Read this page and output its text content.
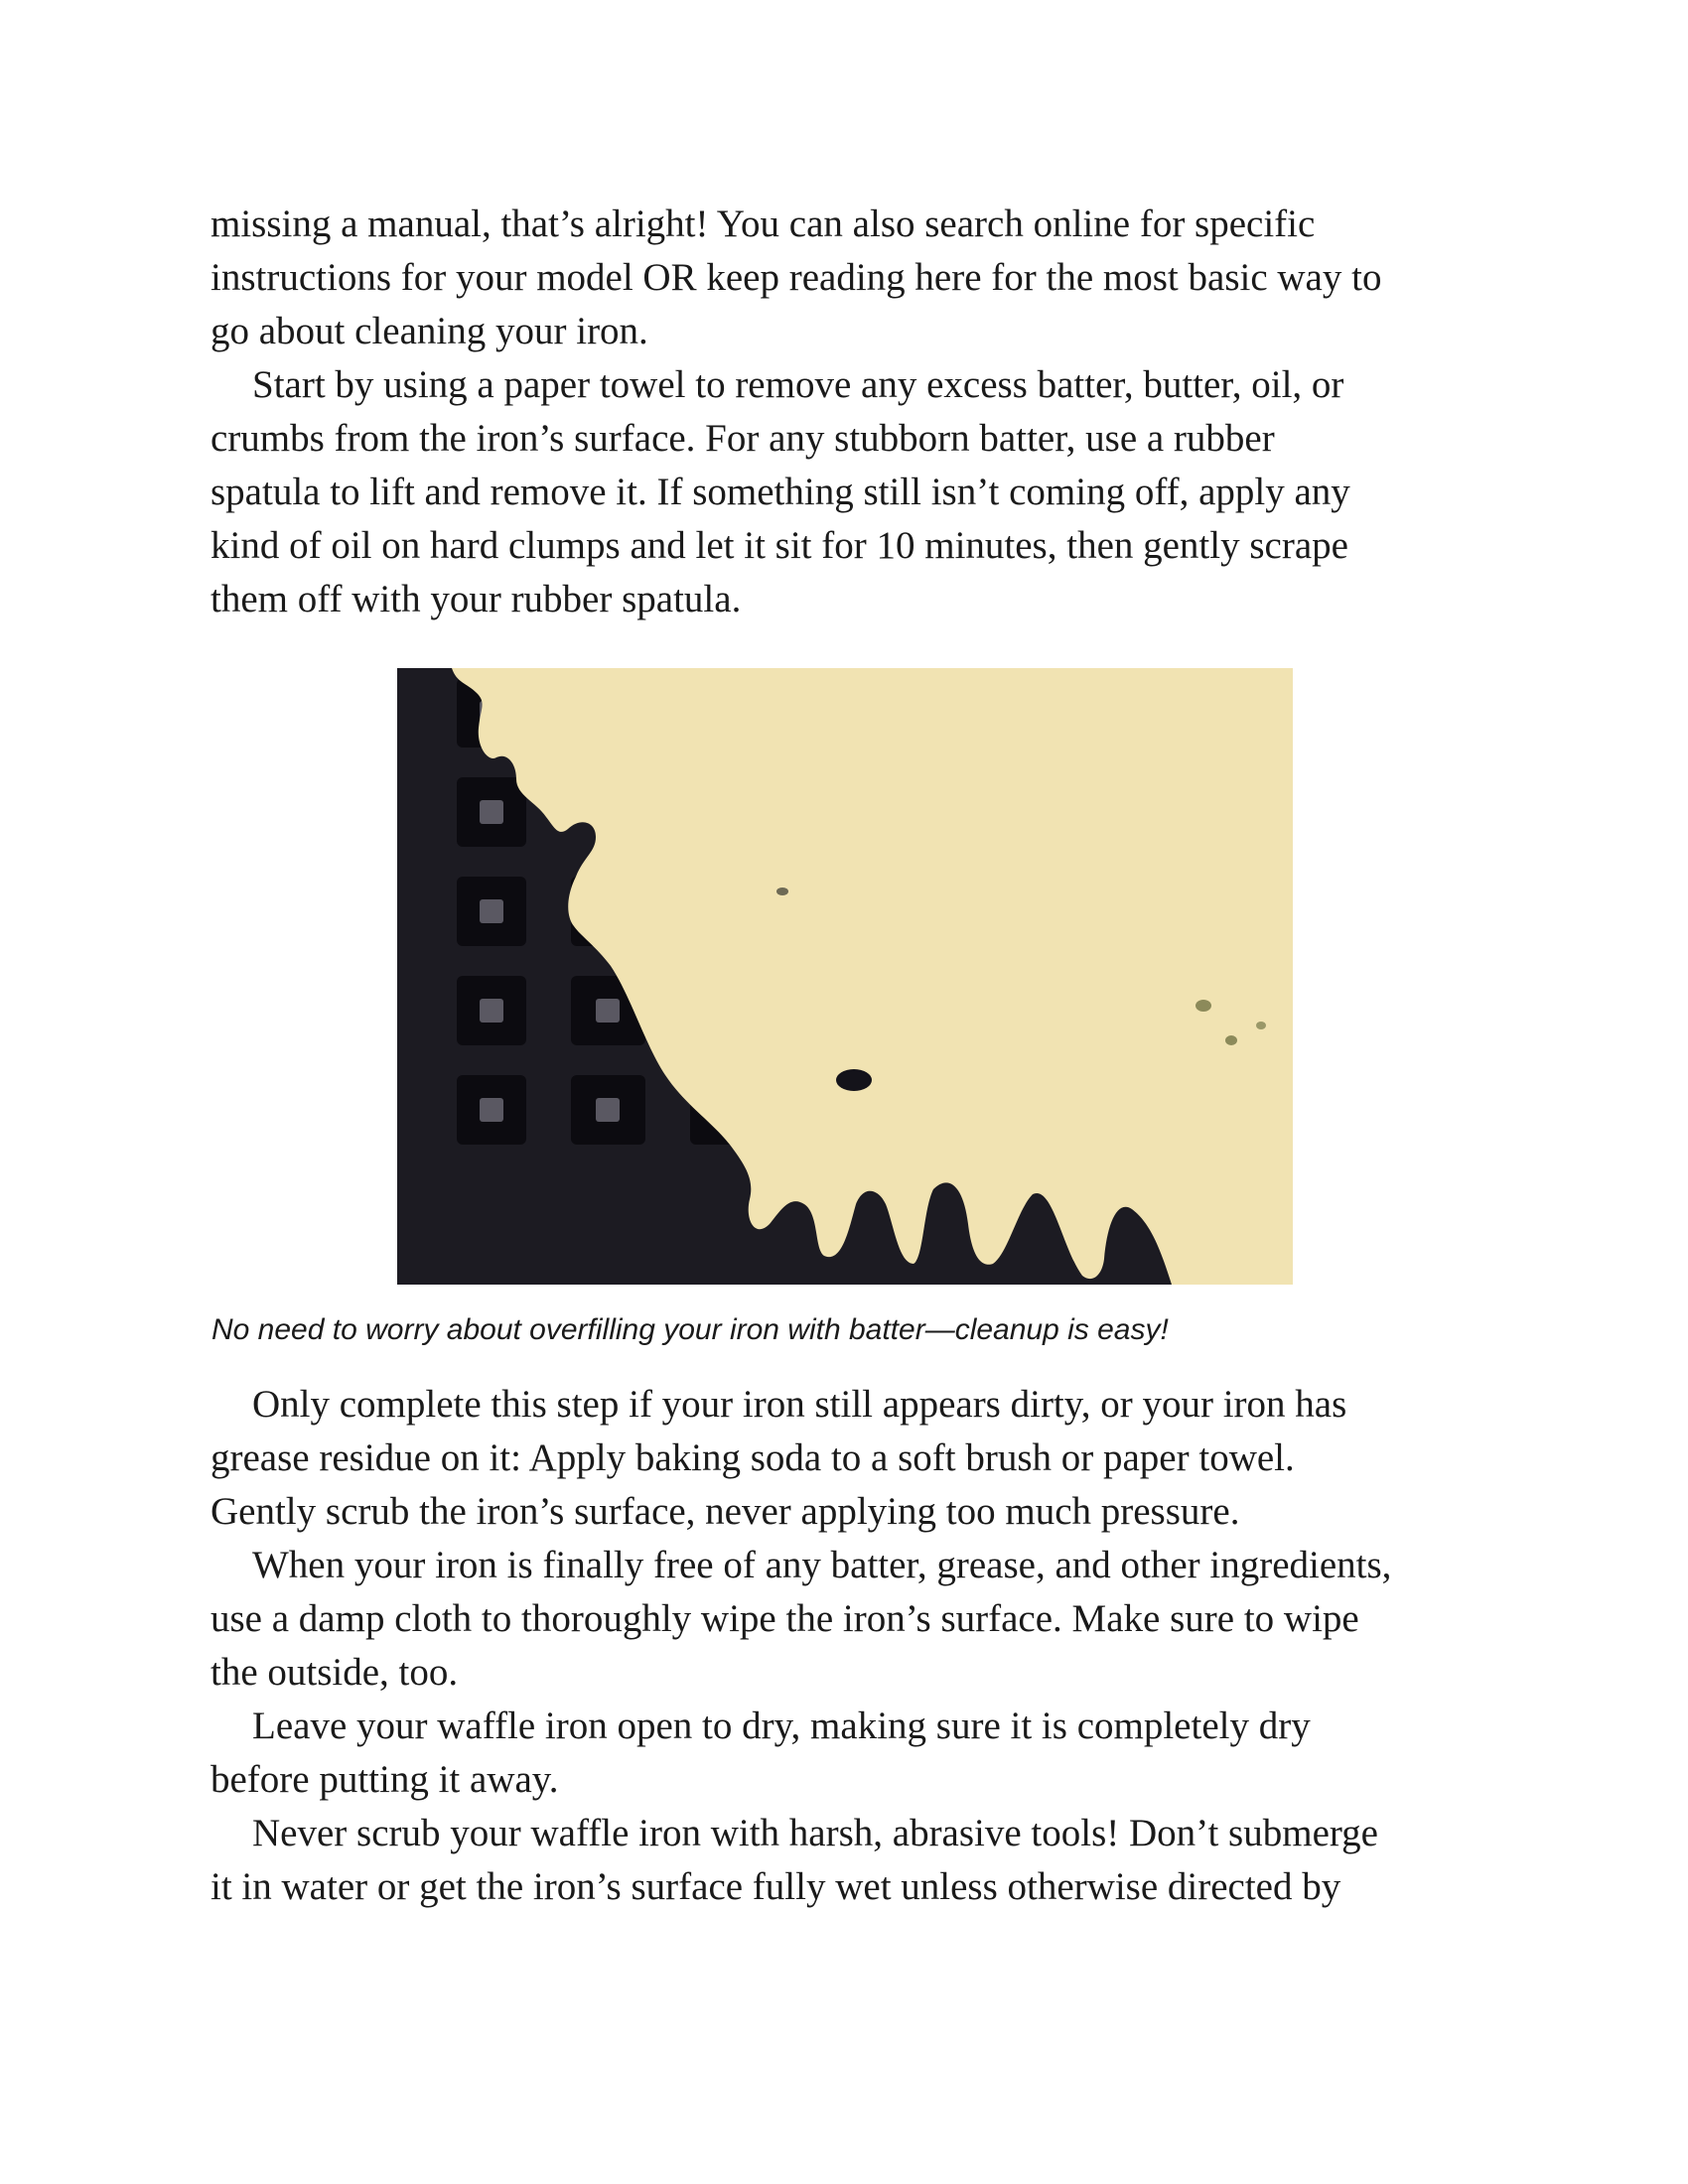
missing a manual, that’s alright! You can also search online for specific
instructions for your model OR keep reading here for the most basic way to
go about cleaning your iron.

Start by using a paper towel to remove any excess batter, butter, oil, or
crumbs from the iron’s surface. For any stubborn batter, use a rubber
spatula to lift and remove it. If something still isn’t coming off, apply any
kind of oil on hard clumps and let it sit for 10 minutes, then gently scrape
them off with your rubber spatula.

No need to worry about overfilling your iron with batter—cleanup is easy!

Only complete this step if your iron still appears dirty, or your iron has
grease residue on it: Apply baking soda to a soft brush or paper towel.
Gently scrub the iron’s surface, never applying too much pressure.

When your iron is finally free of any batter, grease, and other ingredients,
use a damp cloth to thoroughly wipe the iron’s surface. Make sure to wipe
the outside, too.

Leave your waffle iron open to dry, making sure it is completely dry
before putting it away.

Never scrub your waffle iron with harsh, abrasive tools! Don’t submerge
it in water or get the iron’s surface fully wet unless otherwise directed by
